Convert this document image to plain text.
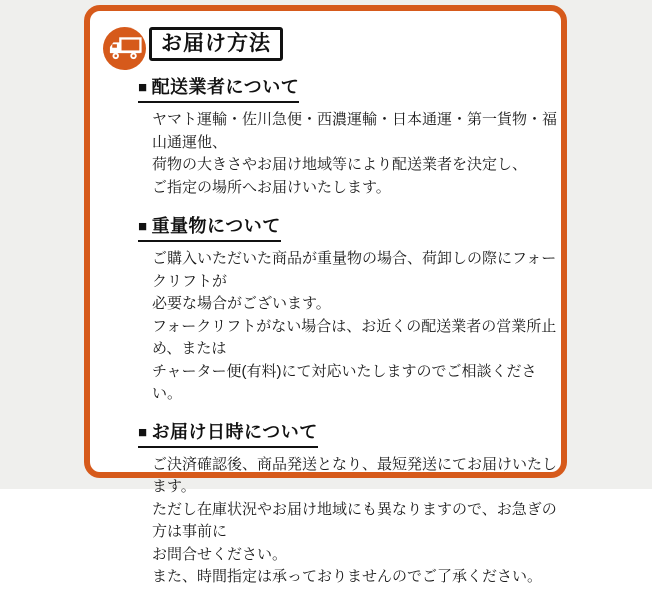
お届け方法
■ 配送業者について
ヤマト運輸・佐川急便・西濃運輸・日本通運・第一貨物・福山通運他、
荷物の大きさやお届け地域等により配送業者を決定し、
ご指定の場所へお届けいたします。
■ 重量物について
ご購入いただいた商品が重量物の場合、荷卸しの際にフォークリフトが
必要な場合がございます。
フォークリフトがない場合は、お近くの配送業者の営業所止め、または
チャーター便(有料)にて対応いたしますのでご相談ください。
■ お届け日時について
ご決済確認後、商品発送となり、最短発送にてお届けいたします。
ただし在庫状況やお届け地域にも異なりますので、お急ぎの方は事前に
お問合せください。
また、時間指定は承っておりませんのでご了承ください。
